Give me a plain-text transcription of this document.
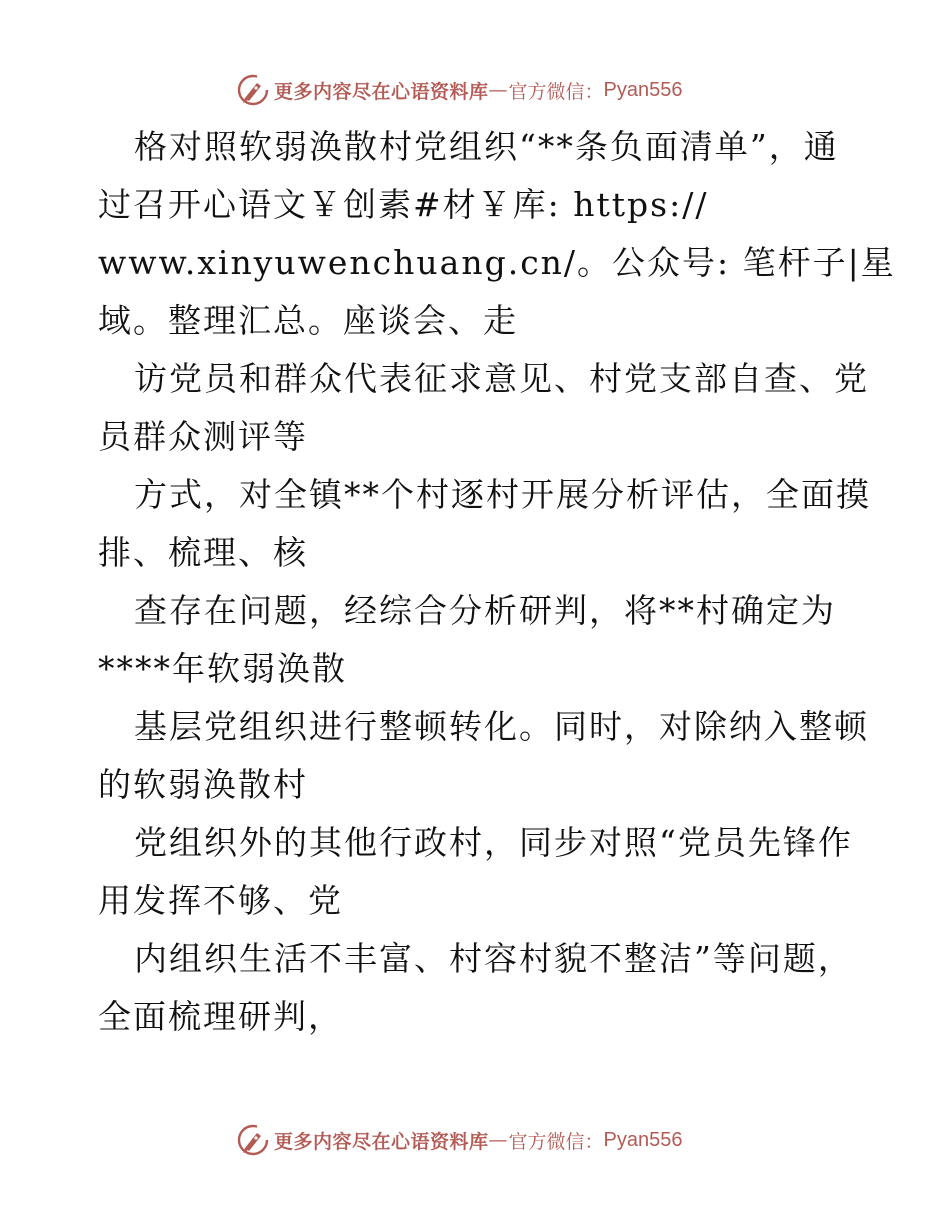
更多内容尽在心语资料库 — 官方微信： Pyan556
格对照软弱涣散村党组织“**条负面清单”，通
过召开心语文￥创素#材￥库: https://
www.xinyuwenchuang.cn/。公众号: 笔杆子|星
域。整理汇总。座谈会、走
访党员和群众代表征求意见、村党支部自查、党
员群众测评等
方式，对全镇**个村逐村开展分析评估，全面摸
排、梳理、核
查存在问题，经综合分析研判，将**村确定为
****年软弱涣散
基层党组织进行整顿转化。同时，对除纳入整顿
的软弱涣散村
党组织外的其他行政村，同步对照“党员先锋作
用发挥不够、党
内组织生活不丰富、村容村貌不整洁”等问题，
全面梳理研判，
更多内容尽在心语资料库 — 官方微信： Pyan556
